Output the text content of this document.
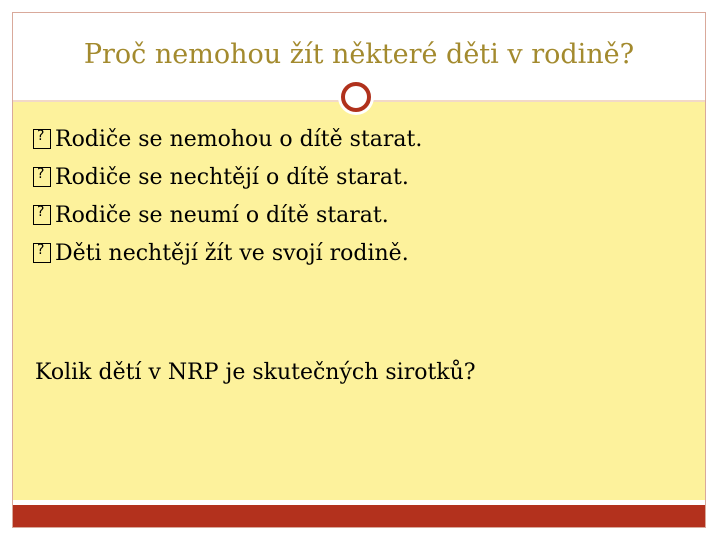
Proč nemohou žít některé děti v rodině?
?
Rodiče se nemohou o dítě starat.
?
Rodiče se nechtějí o dítě starat.
?
Rodiče se neumí o dítě starat.
?
Děti nechtějí žít ve svojí rodině.
Kolik dětí v NRP je skutečných sirotků?
